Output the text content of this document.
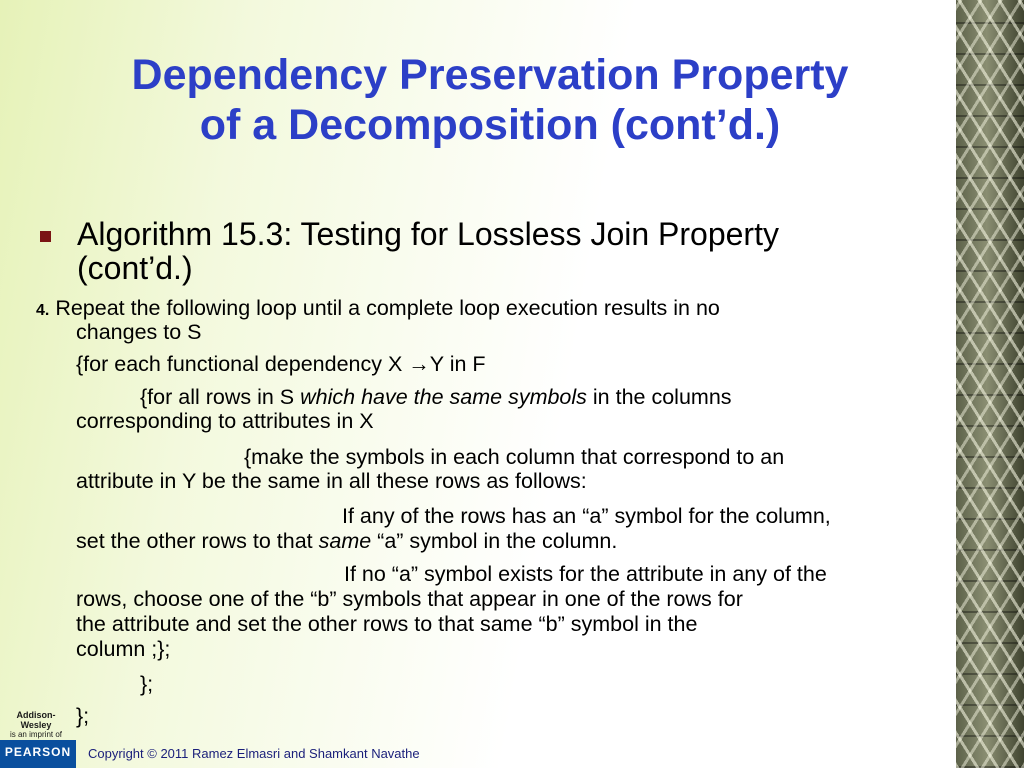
Dependency Preservation Property
of a Decomposition (cont’d.)
Algorithm 15.3: Testing for Lossless Join Property
(cont’d.)
4. Repeat the following loop until a complete loop execution results in no
changes to S
{for each functional dependency X →Y in F
{for all rows in S which have the same symbols in the columns
corresponding to attributes in X
{make the symbols in each column that correspond to an
attribute in Y be the same in all these rows as follows:
If any of the rows has an “a” symbol for the column,
set the other rows to that same “a” symbol in the column.
If no “a” symbol exists for the attribute in any of the
rows, choose one of the “b” symbols that appear in one of the rows for
the attribute and set the other rows to that same “b” symbol in the
column ;};
};
};
Addison-Wesley
is an imprint of
PEARSON	Copyright © 2011 Ramez Elmasri and Shamkant Navathe
